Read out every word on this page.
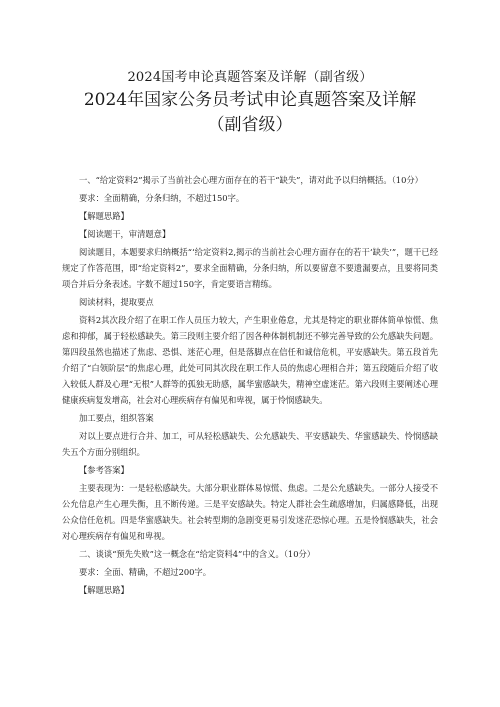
2024国考申论真题答案及详解（副省级）
2024年国家公务员考试申论真题答案及详解（副省级）

一、“给定资料2”揭示了当前社会心理方面存在的若干“缺失”，请对此予以归纳概括。（10分）

要求：全面精确，分条归纳，不超过150字。

【解题思路】

【阅读题干，审清题意】

阅读题目，本题要求归纳概括“‘给定资料2,揭示的当前社会心理方面存在的若干‘缺失’”，题干已经规定了作答范围，即“给定资料2”，要求全面精确，分条归纳，所以要留意不要遗漏要点，且要将同类项合并后分条表述。字数不超过150字，肯定要语言精练。

阅读材料，提取要点

资料2其次段介绍了在职工作人员压力较大，产生职业倦怠，尤其是特定的职业群体简单惊慌、焦虑和抑郁，属于轻松感缺失。第三段则主要介绍了因各种体制机制还不够完善导致的公允感缺失问题。第四段虽然也描述了焦虑、恐惧、迷茫心理，但是落脚点在信任和诚信危机，平安感缺失。第五段首先介绍了“白领阶层”的焦虑心理，此处可同其次段在职工作人员的焦虑心理相合并；第五段随后介绍了收入较低人群及心理“无根”人群等的孤独无助感，属华蜜感缺失，精神空虚迷茫。第六段则主要阐述心理健康疾病复发增高，社会对心理疾病存有偏见和卑视，属于怜悯感缺失。

加工要点，组织答案

对以上要点进行合并、加工，可从轻松感缺失、公允感缺失、平安感缺失、华蜜感缺失、怜悯感缺失五个方面分别组织。

【参考答案】

主要表现为：一是轻松感缺失。大部分职业群体易惊慌、焦虑。二是公允感缺失。一部分人接受不公允信息产生心理失衡，且不断传递。三是平安感缺失。特定人群社会生疏感增加，归属感降低，出现公众信任危机。四是华蜜感缺失。社会转型期的急剧变更易引发迷茫恐惊心理。五是怜悯感缺失，社会对心理疾病存有偏见和卑视。

二、谈谈“预先失败”这一概念在“给定资料4”中的含义。（10分）

要求：全面、精确，不超过200字。

【解题思路】
